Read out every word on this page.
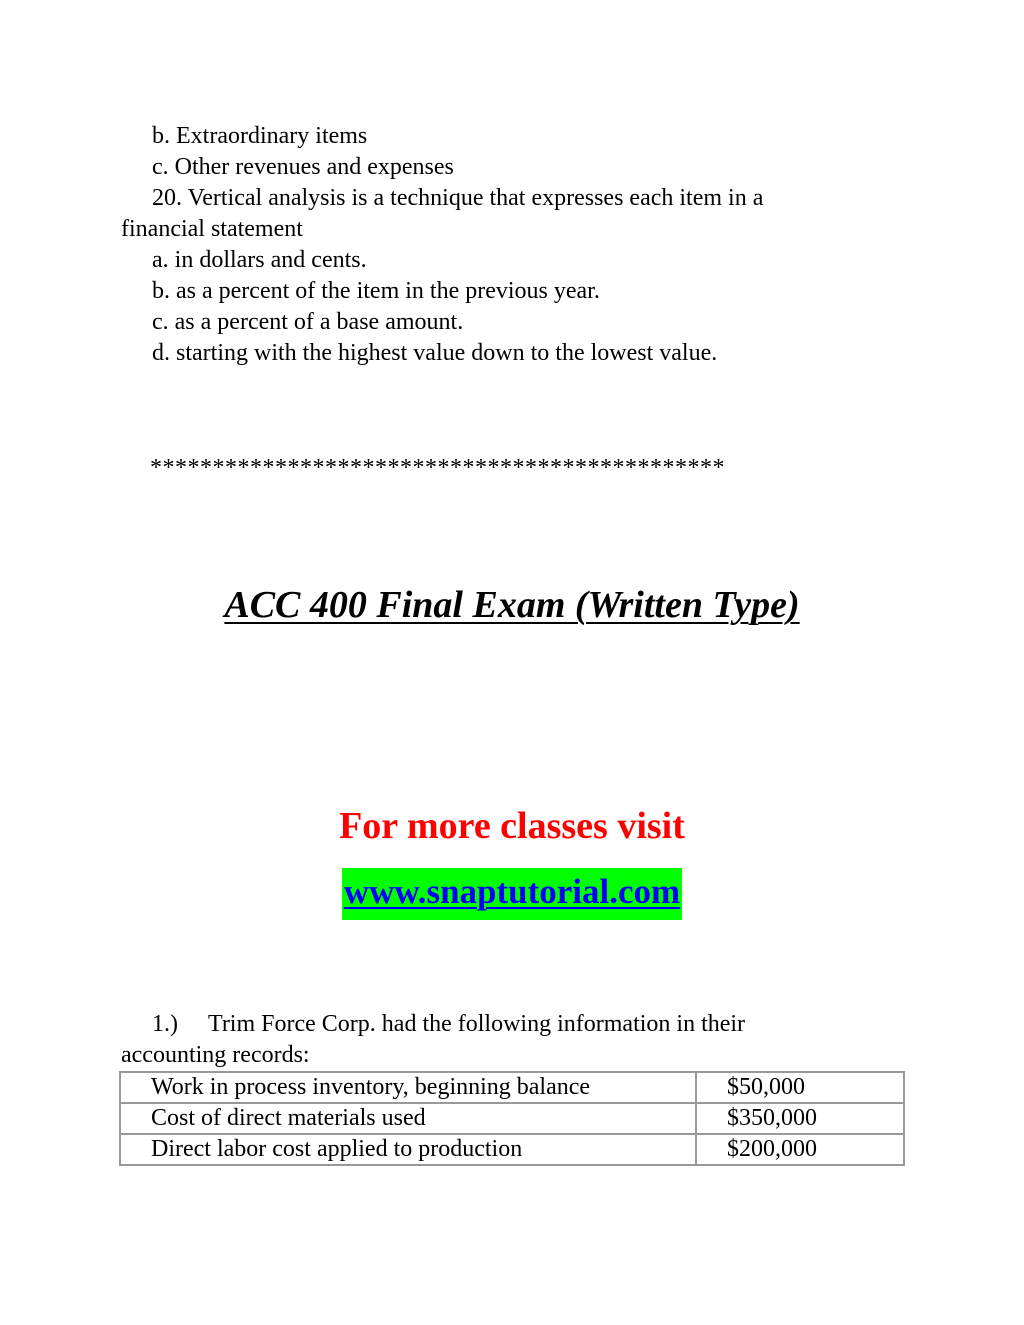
b. Extraordinary items
c. Other revenues and expenses
20. Vertical analysis is a technique that expresses each item in a
financial statement
a. in dollars and cents.
b. as a percent of the item in the previous year.
c. as a percent of a base amount.
d. starting with the highest value down to the lowest value.
**********************************************
ACC 400 Final Exam (Written Type)
For more classes visit
www.snaptutorial.com
1.) Trim Force Corp. had the following information in their
accounting records:
Work in process inventory, beginning balance	$50,000
Cost of direct materials used	$350,000
Direct labor cost applied to production	$200,000
